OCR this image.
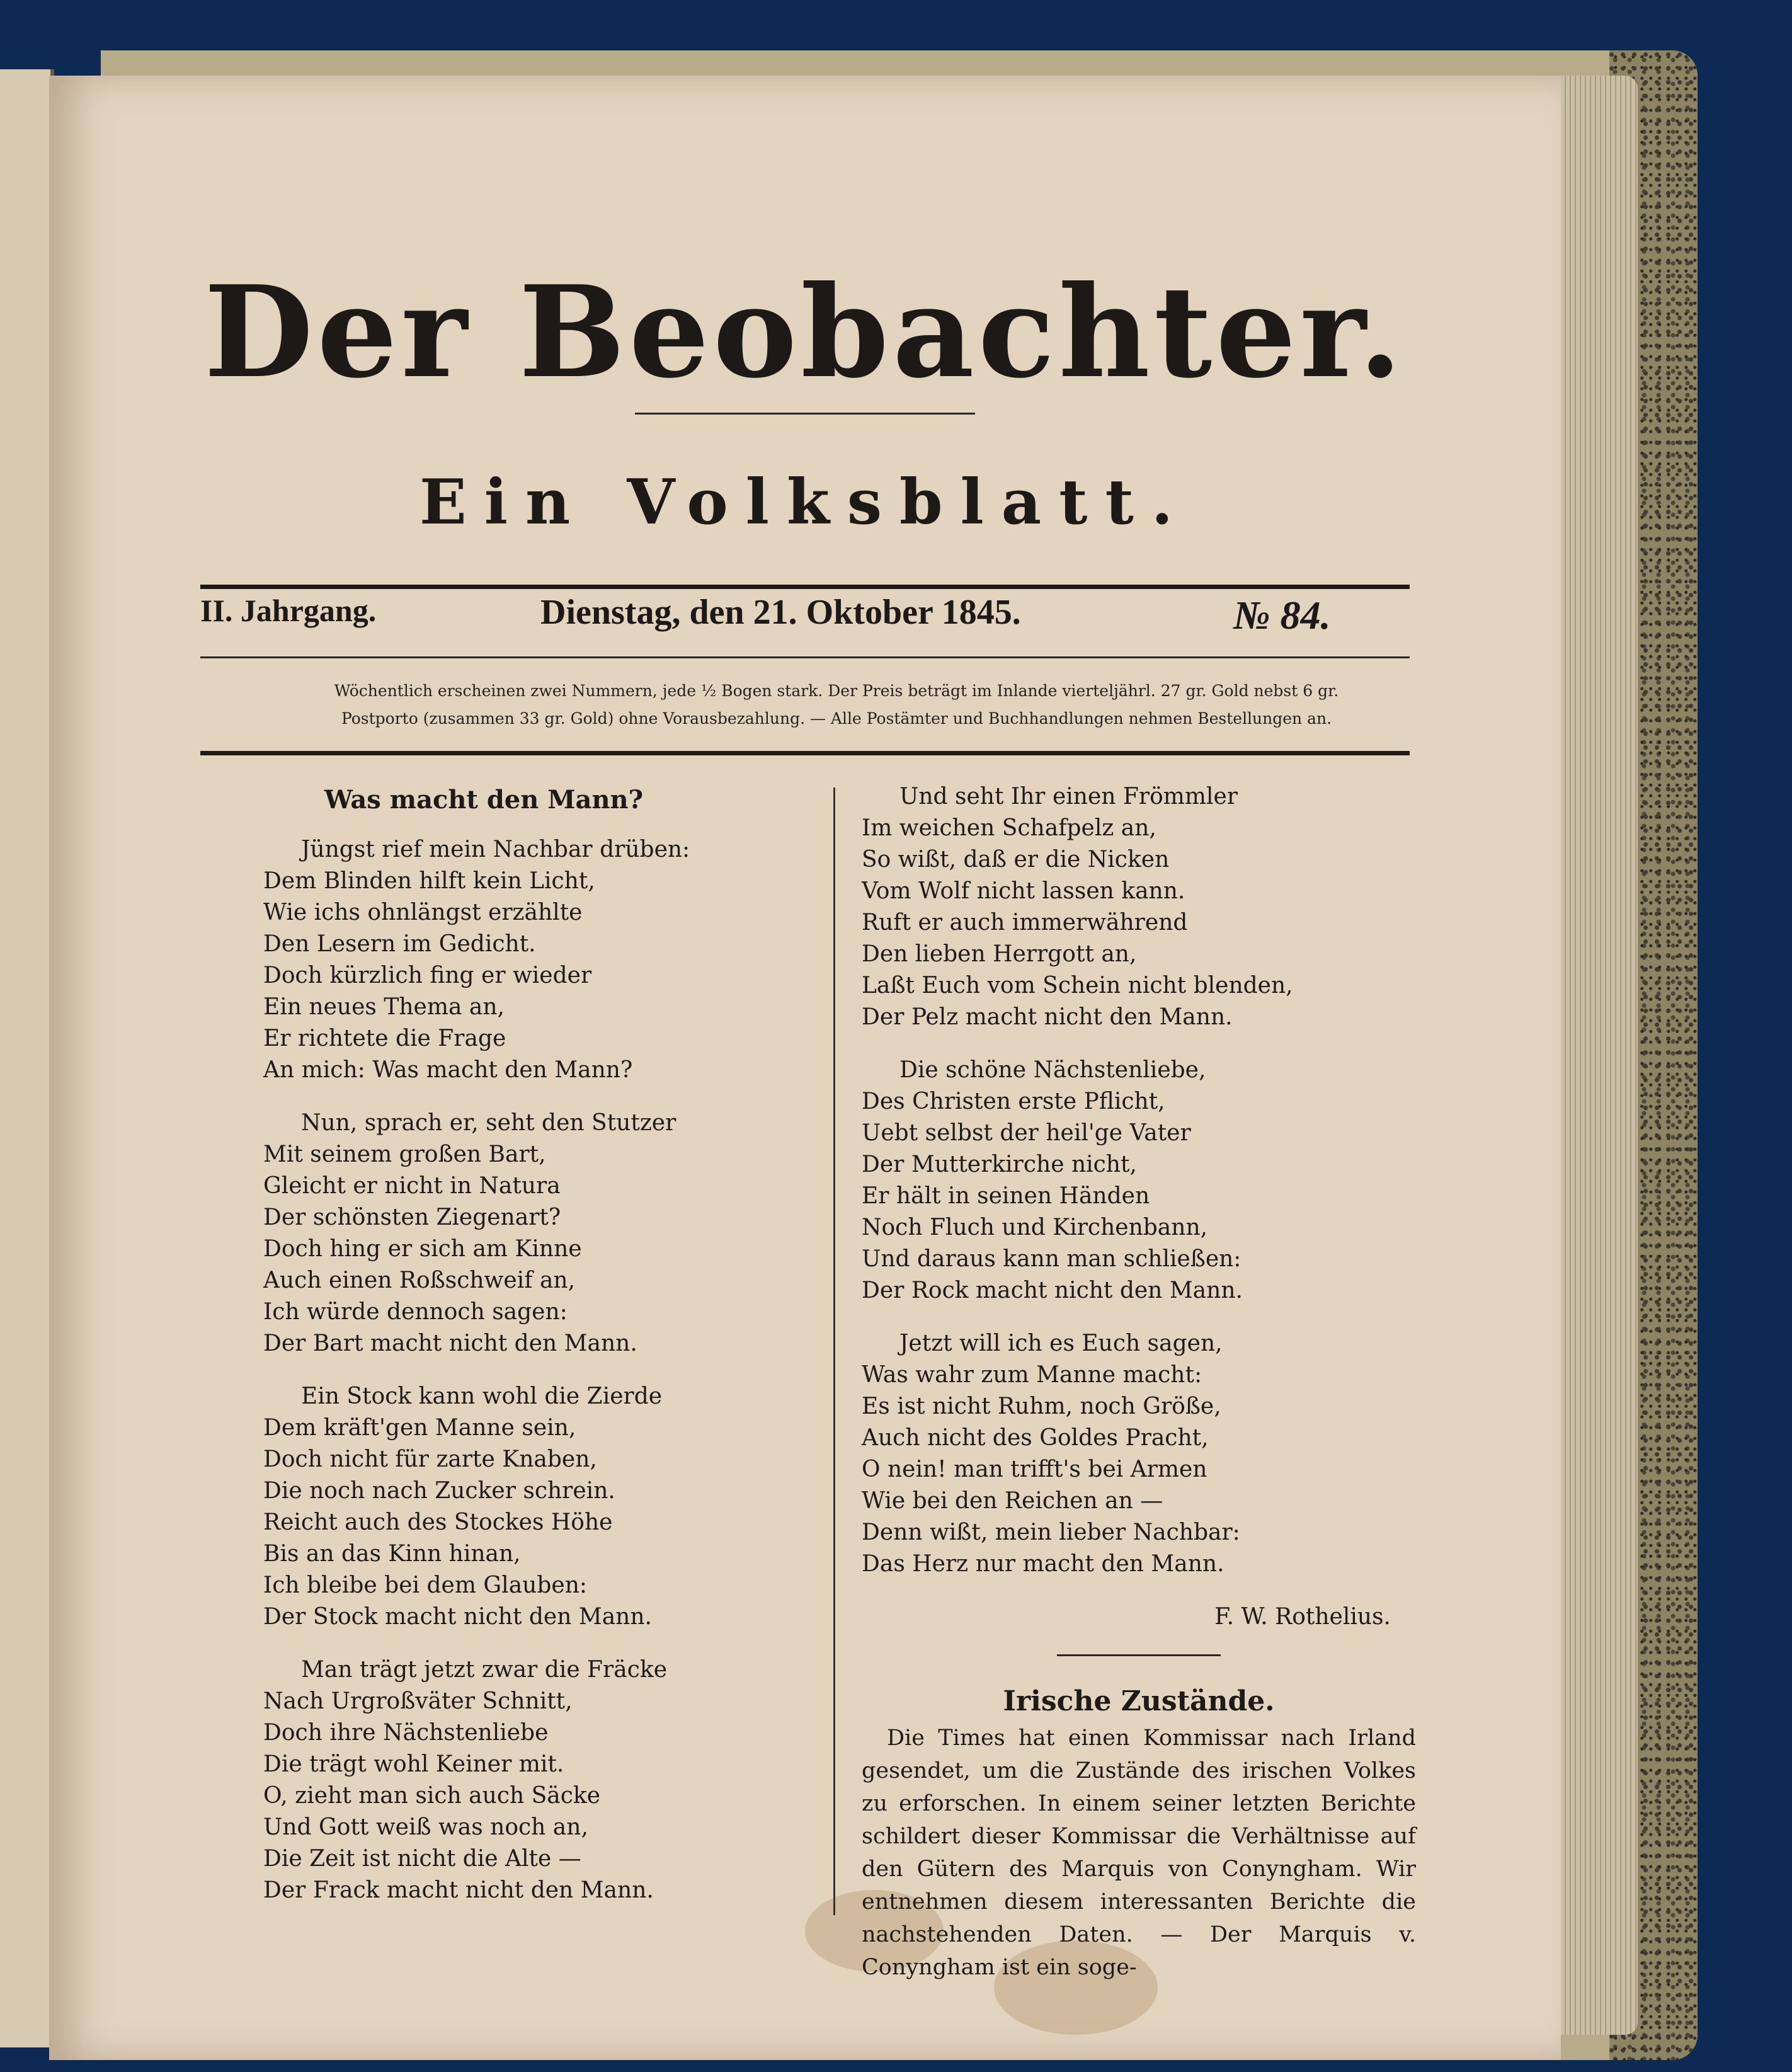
Der Beobachter.
Ein Volksblatt.
II. Jahrgang.	Dienstag, den 21. Oktober 1845.	№ 84.
Wöchentlich erscheinen zwei Nummern, jede ½ Bogen stark. Der Preis beträgt im Inlande vierteljährl. 27 gr. Gold nebst 6 gr.
Postporto (zusammen 33 gr. Gold) ohne Vorausbezahlung. — Alle Postämter und Buchhandlungen nehmen Bestellungen an.
Was macht den Mann?
Jüngst rief mein Nachbar drüben:
Dem Blinden hilft kein Licht,
Wie ichs ohnlängst erzählte
Den Lesern im Gedicht.
Doch kürzlich fing er wieder
Ein neues Thema an,
Er richtete die Frage
An mich: Was macht den Mann?
Nun, sprach er, seht den Stutzer
Mit seinem großen Bart,
Gleicht er nicht in Natura
Der schönsten Ziegenart?
Doch hing er sich am Kinne
Auch einen Roßschweif an,
Ich würde dennoch sagen:
Der Bart macht nicht den Mann.
Ein Stock kann wohl die Zierde
Dem kräft'gen Manne sein,
Doch nicht für zarte Knaben,
Die noch nach Zucker schrein.
Reicht auch des Stockes Höhe
Bis an das Kinn hinan,
Ich bleibe bei dem Glauben:
Der Stock macht nicht den Mann.
Man trägt jetzt zwar die Fräcke
Nach Urgroßväter Schnitt,
Doch ihre Nächstenliebe
Die trägt wohl Keiner mit.
O, zieht man sich auch Säcke
Und Gott weiß was noch an,
Die Zeit ist nicht die Alte —
Der Frack macht nicht den Mann.
Und seht Ihr einen Frömmler
Im weichen Schafpelz an,
So wißt, daß er die Nicken
Vom Wolf nicht lassen kann.
Ruft er auch immerwährend
Den lieben Herrgott an,
Laßt Euch vom Schein nicht blenden,
Der Pelz macht nicht den Mann.
Die schöne Nächstenliebe,
Des Christen erste Pflicht,
Uebt selbst der heil'ge Vater
Der Mutterkirche nicht,
Er hält in seinen Händen
Noch Fluch und Kirchenbann,
Und daraus kann man schließen:
Der Rock macht nicht den Mann.
Jetzt will ich es Euch sagen,
Was wahr zum Manne macht:
Es ist nicht Ruhm, noch Größe,
Auch nicht des Goldes Pracht,
O nein! man trifft's bei Armen
Wie bei den Reichen an —
Denn wißt, mein lieber Nachbar:
Das Herz nur macht den Mann.
F. W. Rothelius.
Irische Zustände.
Die Times hat einen Kommissar nach Irland gesendet, um die Zustände des irischen Volkes zu erforschen. In einem seiner letzten Berichte schildert dieser Kommissar die Verhältnisse auf den Gütern des Marquis von Conyngham. Wir entnehmen diesem interessanten Berichte die nachstehenden Daten. — Der Marquis v. Conyngham ist ein soge-
